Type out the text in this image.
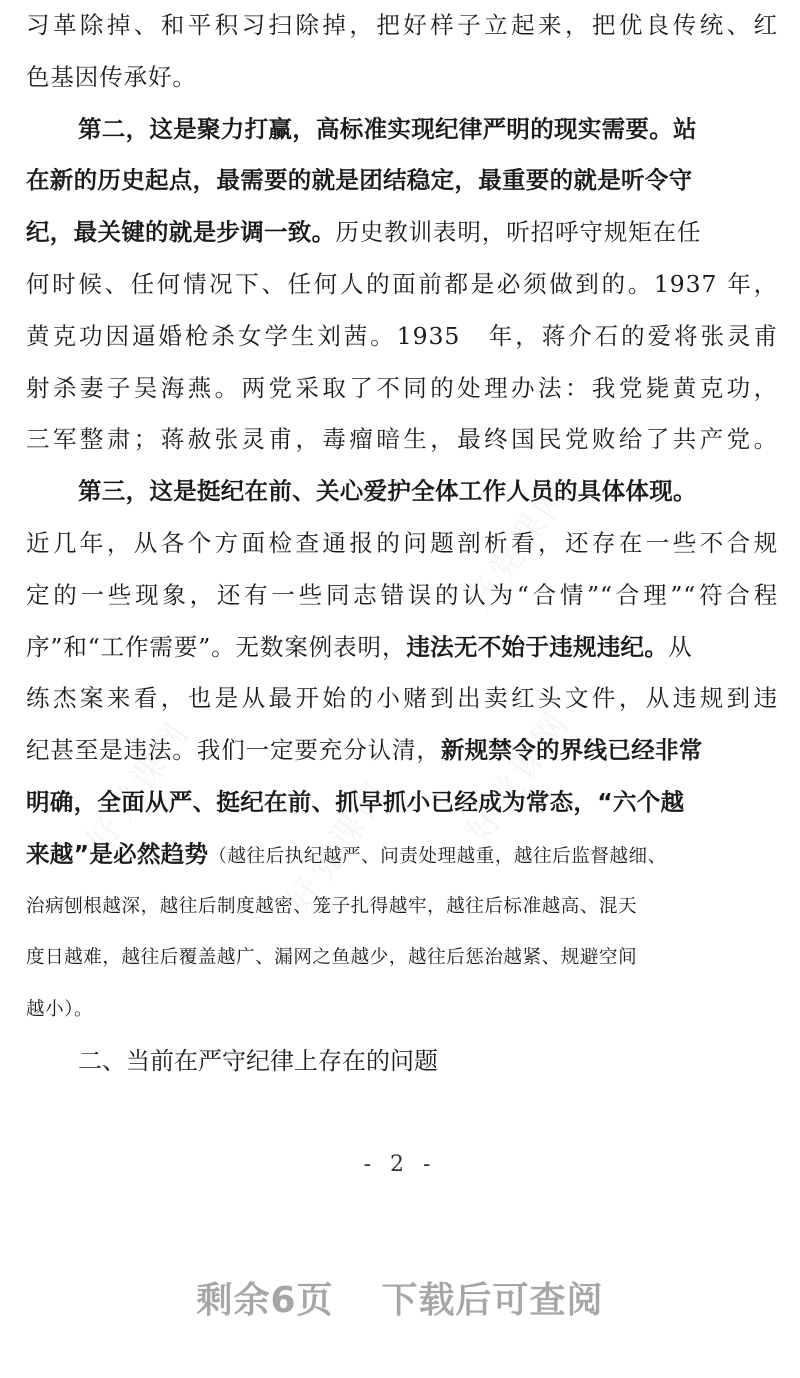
习革除掉、和平积习扫除掉，把好样子立起来，把优良传统、红
色基因传承好。
第二，这是聚力打赢，高标准实现纪律严明的现实需要。站
在新的历史起点，最需要的就是团结稳定，最重要的就是听令守
纪，最关键的就是步调一致。历史教训表明，听招呼守规矩在任
何时候、任何情况下、任何人的面前都是必须做到的。1937 年，
黄克功因逼婚枪杀女学生刘茜。1935　年，蒋介石的爱将张灵甫
射杀妻子吴海燕。两党采取了不同的处理办法：我党毙黄克功，
三军整肃；蒋赦张灵甫，毒瘤暗生，最终国民党败给了共产党。
第三，这是挺纪在前、关心爱护全体工作人员的具体体现。
近几年，从各个方面检查通报的问题剖析看，还存在一些不合规
定的一些现象，还有一些同志错误的认为“合情”“合理”“符合程
序”和“工作需要”。无数案例表明，违法无不始于违规违纪。从
练杰案来看，也是从最开始的小赌到出卖红头文件，从违规到违
纪甚至是违法。我们一定要充分认清，新规禁令的界线已经非常
明确，全面从严、挺纪在前、抓早抓小已经成为常态，“六个越
来越”是必然趋势（越往后执纪越严、问责处理越重，越往后监督越细、
治病刨根越深，越往后制度越密、笼子扎得越牢，越往后标准越高、混天
度日越难，越往后覆盖越广、漏网之鱼越少，越往后惩治越紧、规避空间
越小）。
二、当前在严守纪律上存在的问题
- 2 -
剩余6页 下载后可查阅
